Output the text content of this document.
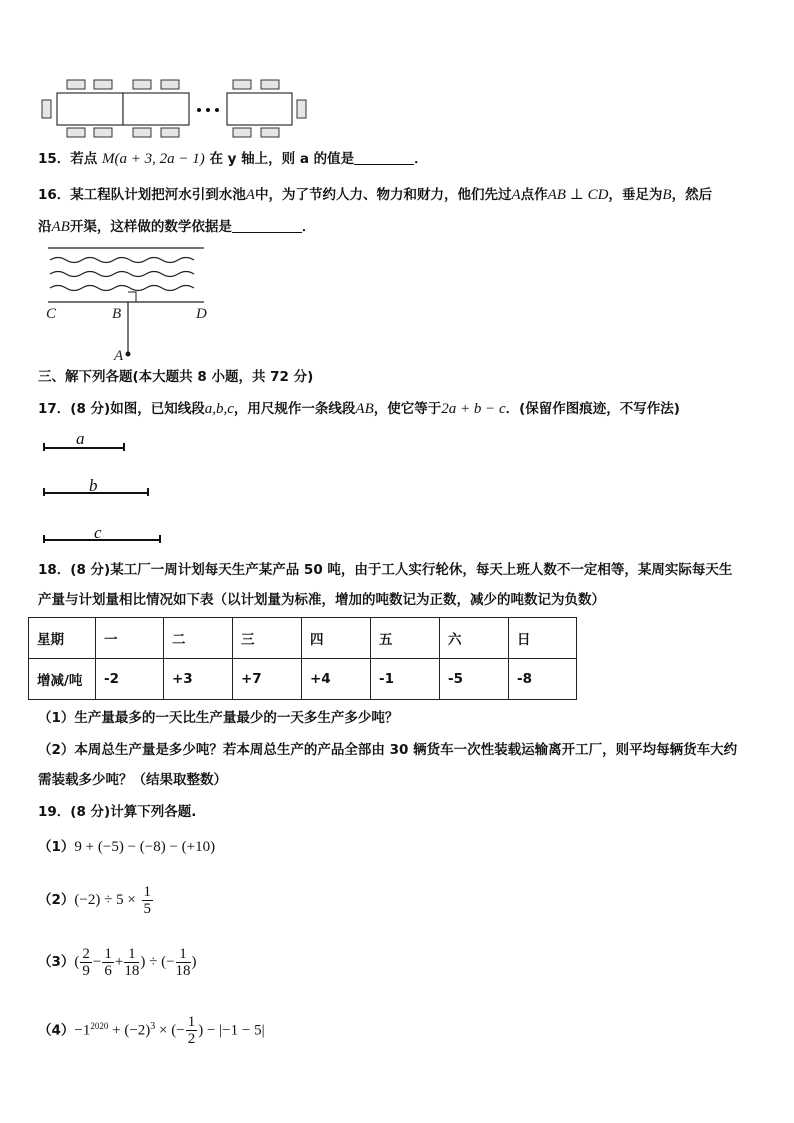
15．若点 M(a + 3, 2a − 1) 在 y 轴上，则 a 的值是	．
16．某工程队计划把河水引到水池A中，为了节约人力、物力和财力，他们先过A点作AB ⊥ CD，垂足为B，然后
沿AB开渠，这样做的数学依据是	．
C	B	D
A
三、解下列各题(本大题共 8 小题，共 72 分)
17．(8 分)如图，已知线段a,b,c，用尺规作一条线段AB，使它等于2a + b − c．(保留作图痕迹，不写作法)
a
b
c
18．(8 分)某工厂一周计划每天生产某产品 50 吨，由于工人实行轮休，每天上班人数不一定相等，某周实际每天生
产量与计划量相比情况如下表（以计划量为标准，增加的吨数记为正数，减少的吨数记为负数）
星期	一	二	三	四	五	六	日
增减/吨	-2	+3	+7	+4	-1	-5	-8
（1）生产量最多的一天比生产量最少的一天多生产多少吨？
（2）本周总生产量是多少吨？若本周总生产的产品全部由 30 辆货车一次性装载运输离开工厂，则平均每辆货车大约
需装载多少吨？（结果取整数）
19．(8 分)计算下列各题.
（1）9 + (−5) − (−8) − (+10)
$(2)(-2) \div 5 \times \frac{1}{5}$
$(3)( \frac{2}{9} - \frac{1}{6} + \frac{1}{18}$ ) ÷ (− $\frac{1}{18}$ )
$(4)-1^{2020} + (-2)^3$ × (− $\frac{1}{2}$ ) − |−1 − 5|
